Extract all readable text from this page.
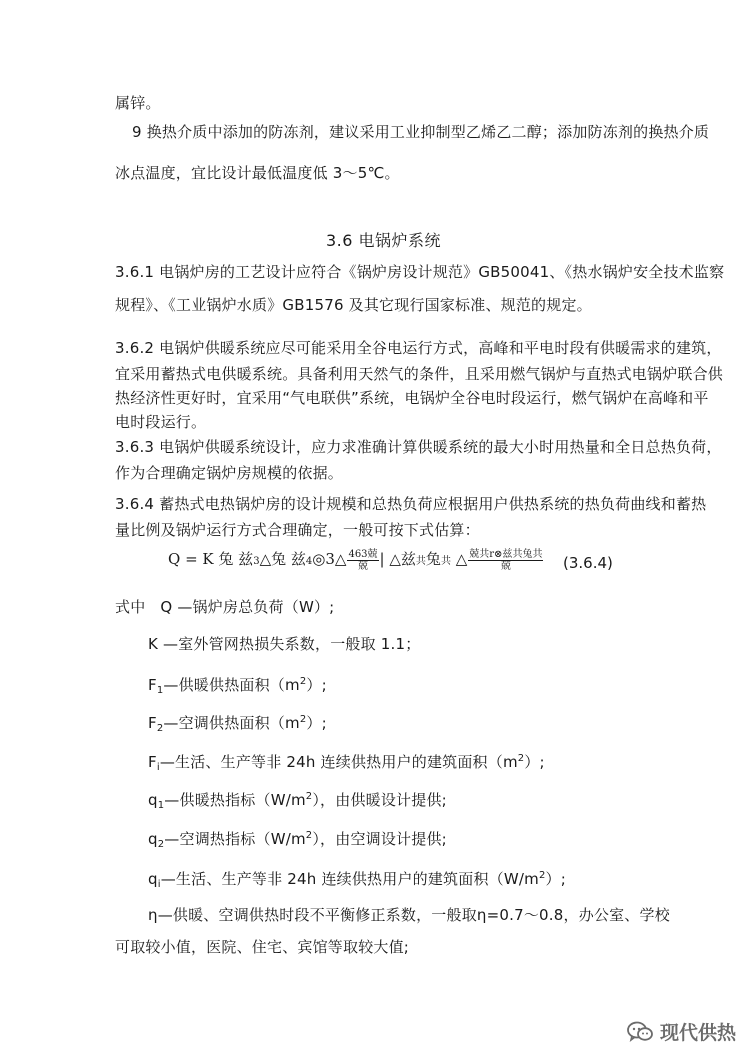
属锌。
9 换热介质中添加的防冻剂，建议采用工业抑制型乙烯乙二醇；添加防冻剂的换热介质
冰点温度，宜比设计最低温度低 3～5℃。
3.6 电锅炉系统
3.6.1 电锅炉房的工艺设计应符合《锅炉房设计规范》GB50041、《热水锅炉安全技术监察
规程》、《工业锅炉水质》GB1576 及其它现行国家标准、规范的规定。
3.6.2 电锅炉供暖系统应尽可能采用全谷电运行方式，高峰和平电时段有供暖需求的建筑，
宜采用蓄热式电供暖系统。具备利用天然气的条件，且采用燃气锅炉与直热式电锅炉联合供
热经济性更好时，宜采用“气电联供”系统，电锅炉全谷电时段运行，燃气锅炉在高峰和平
电时段运行。
3.6.3 电锅炉供暖系统设计，应力求准确计算供暖系统的最大小时用热量和全日总热负荷，
作为合理确定锅炉房规模的依据。
3.6.4 蓄热式电热锅炉房的设计规模和总热负荷应根据用户供热系统的热负荷曲线和蓄热
量比例及锅炉运行方式合理确定，一般可按下式估算：
Q = K 兔 兹3△兔 兹4◎3△ $\frac{\text{463兢}}{\text{兢}}$ | △兹共兔共 △ $\frac{\text{兢共r⊗兹共兔共}}{\text{兢}} (3.6.4)$
式中 Q —锅炉房总负荷（W）;
K —室外管网热损失系数，一般取 1.1；
$F_1—$供暖供热面积$(m^2)$;
$F_2—$空调供热面积$(m^2)$;
$F_i—$生活、生产等非 24h 连续供热用户的建筑面积$(m^2)$;
$q_1—$供暖热指标$(W/m^2)$，由供暖设计提供;
$q_2—$空调热指标$(W/m^2)$，由空调设计提供;
$q_i—$生活、生产等非 24h 连续供热用户的建筑面积$(W/m^2)$;
η—供暖、空调供热时段不平衡修正系数，一般取η=0.7～0.8，办公室、学校
可取较小值，医院、住宅、宾馆等取较大值;
现代供热
